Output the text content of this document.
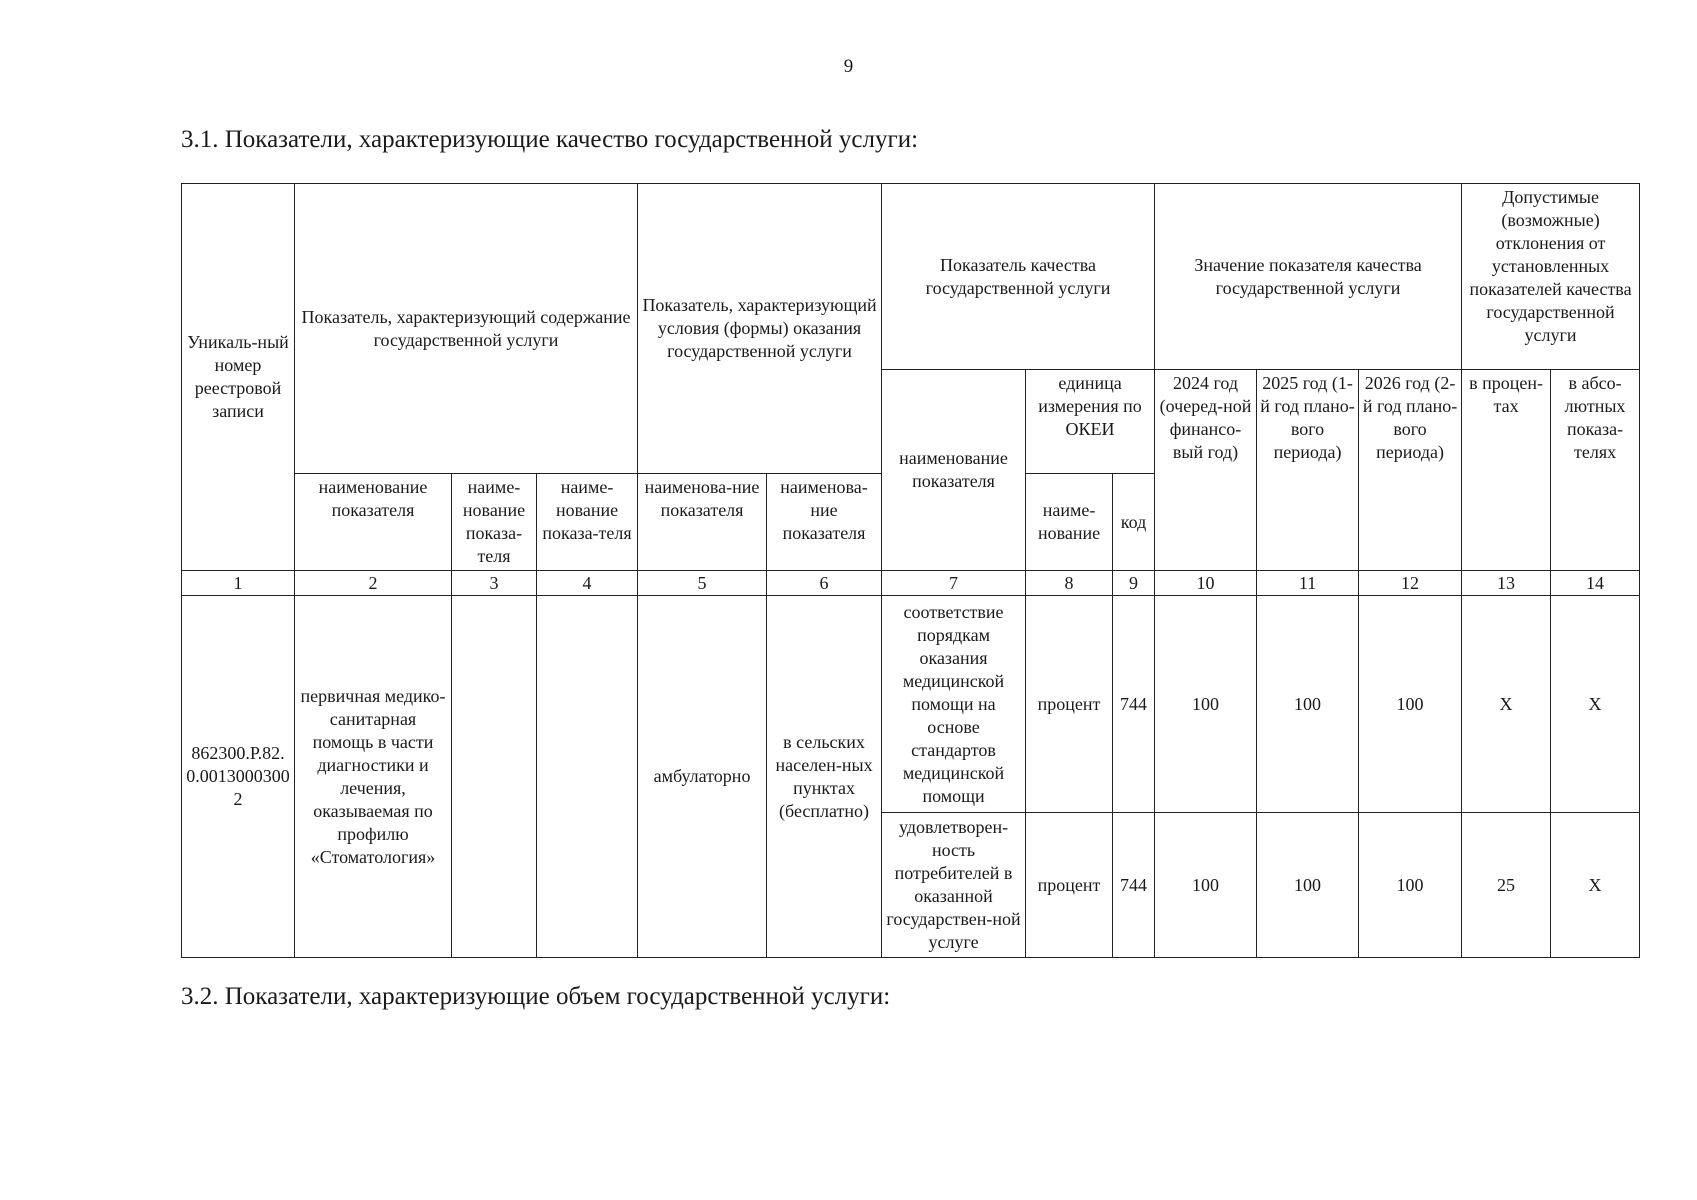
9
3.1. Показатели, характеризующие качество государственной услуги:
Уникаль-ный номер реестровой записи	Показатель, характеризующий содержание государственной услуги			Показатель, характеризующий условия (формы) оказания государственной услуги		Показатель качества государственной услуги			Значение показателя качества государственной услуги			Допустимые (возможные) отклонения от установленных показателей качества государственной услуги	
						наименование показателя	единица измерения по ОКЕИ		2024 год (очеред-ной финансо-вый год)	2025 год (1-й год плано-вого периода)	2026 год (2-й год плано-вого периода)	в процен-тах	в абсо-лютных показа-телях
	наименование показателя	наиме-нование показа-теля	наиме-нование показа-теля	наименова-ние показателя	наименова-ние показателя		наиме-нование	код					

1	2	3	4	5	6	7	8	9	10	11	12	13	14
862300.Р.82.0.00130003002	первичная медико-санитарная помощь в части диагностики и лечения, оказываемая по профилю «Стоматология»			амбулаторно	в сельских населен-ных пунктах (бесплатно)	соответствие порядкам оказания медицинской помощи на основе стандартов медицинской помощи	процент	744	100	100	100	Х	Х
						удовлетворен-ность потребителей в оказанной государствен-ной услуге	процент	744	100	100	100	25	Х
3.2. Показатели, характеризующие объем государственной услуги:
